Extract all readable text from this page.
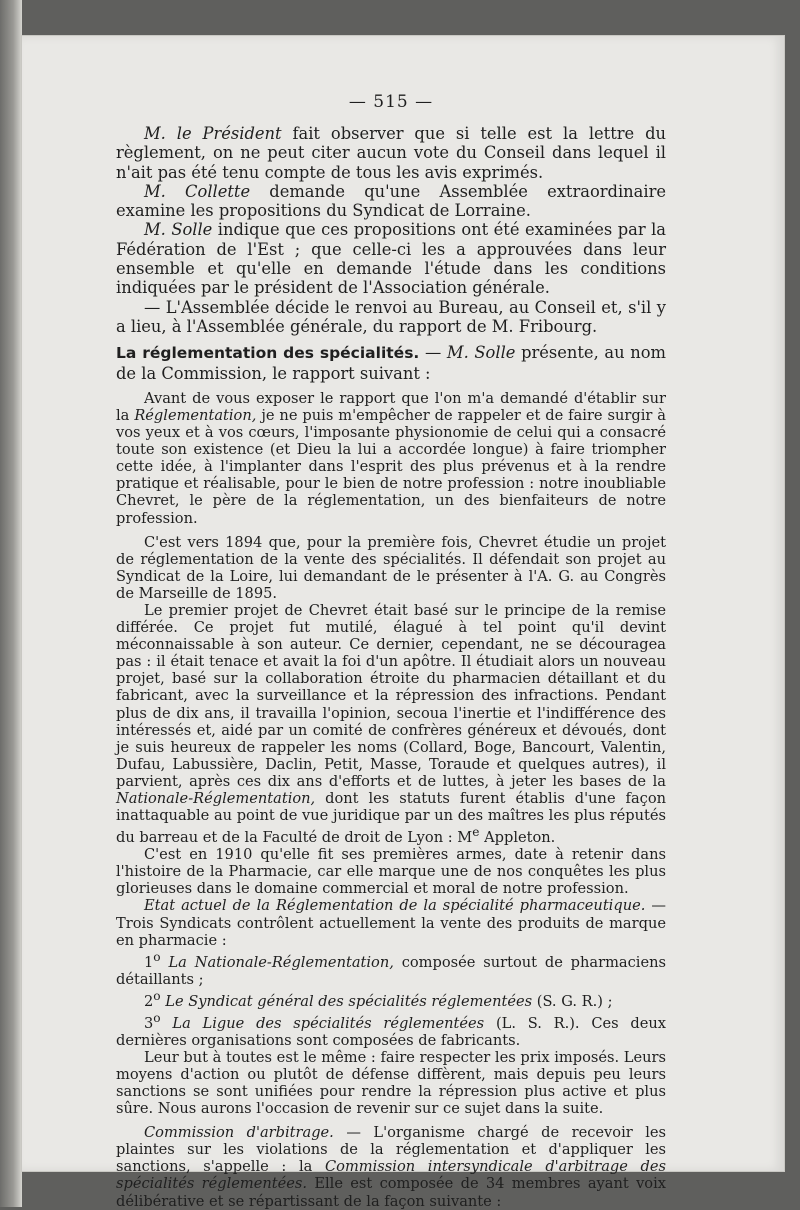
— 515 —

M. le Président fait observer que si telle est la lettre du règlement, on ne peut citer aucun vote du Conseil dans lequel il n'ait pas été tenu compte de tous les avis exprimés.

M. Collette demande qu'une Assemblée extraordinaire examine les propositions du Syndicat de Lorraine.

M. Solle indique que ces propositions ont été examinées par la Fédération de l'Est ; que celle-ci les a approuvées dans leur ensemble et qu'elle en demande l'étude dans les conditions indiquées par le président de l'Association générale.

— L'Assemblée décide le renvoi au Bureau, au Conseil et, s'il y a lieu, à l'Assemblée générale, du rapport de M. Fribourg.

La réglementation des spécialités. — M. Solle présente, au nom de la Commission, le rapport suivant :

Avant de vous exposer le rapport que l'on m'a demandé d'établir sur la Réglementation, je ne puis m'empêcher de rappeler et de faire surgir à vos yeux et à vos cœurs, l'imposante physionomie de celui qui a consacré toute son existence (et Dieu la lui a accordée longue) à faire triompher cette idée, à l'implanter dans l'esprit des plus prévenus et à la rendre pratique et réalisable, pour le bien de notre profession : notre inoubliable Chevret, le père de la réglementation, un des bienfaiteurs de notre profession.

C'est vers 1894 que, pour la première fois, Chevret étudie un projet de réglementation de la vente des spécialités. Il défendait son projet au Syndicat de la Loire, lui demandant de le présenter à l'A. G. au Congrès de Marseille de 1895.

Le premier projet de Chevret était basé sur le principe de la remise différée. Ce projet fut mutilé, élagué à tel point qu'il devint méconnaissable à son auteur. Ce dernier, cependant, ne se découragea pas : il était tenace et avait la foi d'un apôtre. Il étudiait alors un nouveau projet, basé sur la collaboration étroite du pharmacien détaillant et du fabricant, avec la surveillance et la répression des infractions. Pendant plus de dix ans, il travailla l'opinion, secoua l'inertie et l'indifférence des intéressés et, aidé par un comité de confrères généreux et dévoués, dont je suis heureux de rappeler les noms (Collard, Boge, Bancourt, Valentin, Dufau, Labussière, Daclin, Petit, Masse, Toraude et quelques autres), il parvient, après ces dix ans d'efforts et de luttes, à jeter les bases de la Nationale-Réglementation, dont les statuts furent établis d'une façon inattaquable au point de vue juridique par un des maîtres les plus réputés du barreau et de la Faculté de droit de Lyon : Me Appleton.

C'est en 1910 qu'elle fit ses premières armes, date à retenir dans l'histoire de la Pharmacie, car elle marque une de nos conquêtes les plus glorieuses dans le domaine commercial et moral de notre profession.

Etat actuel de la Réglementation de la spécialité pharmaceutique. — Trois Syndicats contrôlent actuellement la vente des produits de marque en pharmacie :

1$^o$ La Nationale-Réglementation, composée surtout de pharmaciens détaillants ;

2$^o$ Le Syndicat général des spécialités réglementées (S. G. R.) ;

3$^o$ La Ligue des spécialités réglementées (L. S. R.). Ces deux dernières organisations sont composées de fabricants.

Leur but à toutes est le même : faire respecter les prix imposés. Leurs moyens d'action ou plutôt de défense diffèrent, mais depuis peu leurs sanctions se sont unifiées pour rendre la répression plus active et plus sûre. Nous aurons l'occasion de revenir sur ce sujet dans la suite.

Commission d'arbitrage. — L'organisme chargé de recevoir les plaintes sur les violations de la réglementation et d'appliquer les sanctions, s'appelle : la Commission intersyndicale d'arbitrage des spécialités réglementées. Elle est composée de 34 membres ayant voix délibérative et se répartissant de la façon suivante :
